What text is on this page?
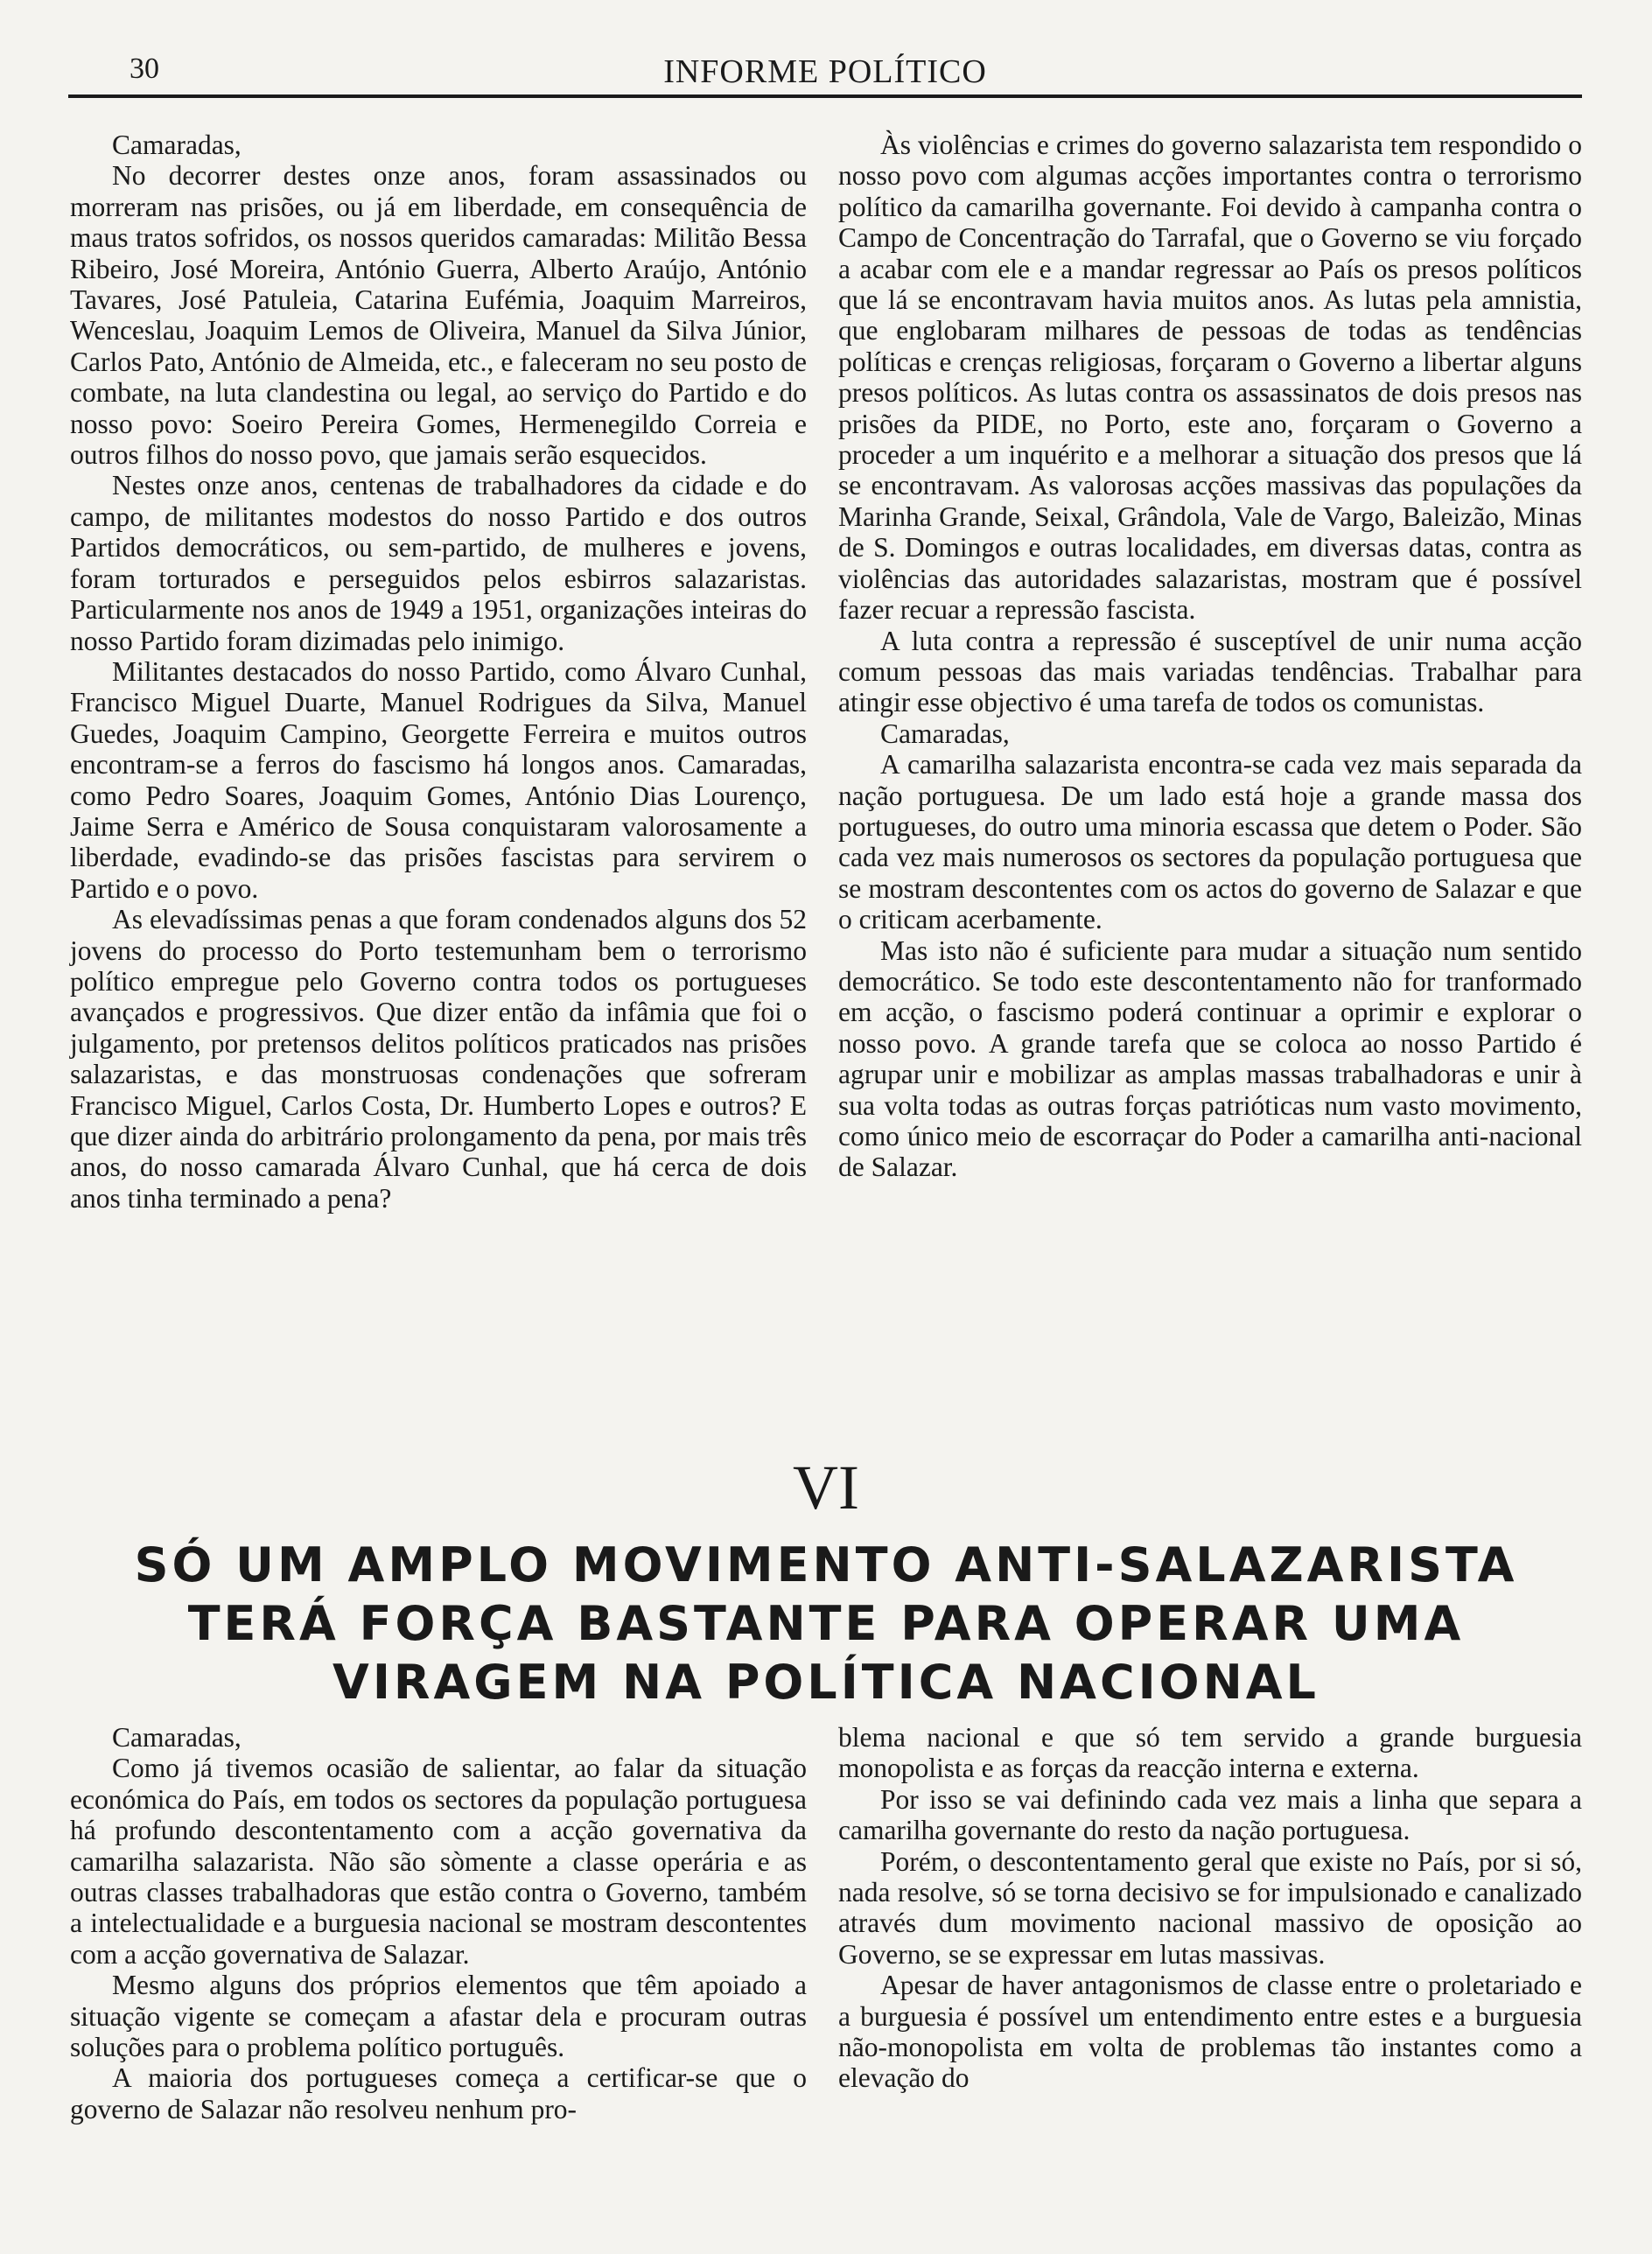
30	INFORME POLÍTICO

Camaradas,

No decorrer destes onze anos, foram assassinados ou morreram nas prisões, ou já em liberdade, em consequência de maus tratos sofridos, os nossos queridos camaradas: Militão Bessa Ribeiro, José Moreira, António Guerra, Alberto Araújo, António Tavares, José Patuleia, Catarina Eufémia, Joaquim Marreiros, Wenceslau, Joaquim Lemos de Oliveira, Manuel da Silva Júnior, Carlos Pato, António de Almeida, etc., e faleceram no seu posto de combate, na luta clandestina ou legal, ao serviço do Partido e do nosso povo: Soeiro Pereira Gomes, Hermenegildo Correia e outros filhos do nosso povo, que jamais serão esquecidos.

Nestes onze anos, centenas de trabalhadores da cidade e do campo, de militantes modestos do nosso Partido e dos outros Partidos democráticos, ou sem-partido, de mulheres e jovens, foram torturados e perseguidos pelos esbirros salazaristas. Particularmente nos anos de 1949 a 1951, organizações inteiras do nosso Partido foram dizimadas pelo inimigo.

Militantes destacados do nosso Partido, como Álvaro Cunhal, Francisco Miguel Duarte, Manuel Rodrigues da Silva, Manuel Guedes, Joaquim Campino, Georgette Ferreira e muitos outros encontram-se a ferros do fascismo há longos anos. Camaradas, como Pedro Soares, Joaquim Gomes, António Dias Lourenço, Jaime Serra e Américo de Sousa conquistaram valorosamente a liberdade, evadindo-se das prisões fascistas para servirem o Partido e o povo.

As elevadíssimas penas a que foram condenados alguns dos 52 jovens do processo do Porto testemunham bem o terrorismo político empregue pelo Governo contra todos os portugueses avançados e progressivos. Que dizer então da infâmia que foi o julgamento, por pretensos delitos políticos praticados nas prisões salazaristas, e das monstruosas condenações que sofreram Francisco Miguel, Carlos Costa, Dr. Humberto Lopes e outros? E que dizer ainda do arbitrário prolongamento da pena, por mais três anos, do nosso camarada Álvaro Cunhal, que há cerca de dois anos tinha terminado a pena?

Às violências e crimes do governo salazarista tem respondido o nosso povo com algumas acções importantes contra o terrorismo político da camarilha governante. Foi devido à campanha contra o Campo de Concentração do Tarrafal, que o Governo se viu forçado a acabar com ele e a mandar regressar ao País os presos políticos que lá se encontravam havia muitos anos. As lutas pela amnistia, que englobaram milhares de pessoas de todas as tendências políticas e crenças religiosas, forçaram o Governo a libertar alguns presos políticos. As lutas contra os assassinatos de dois presos nas prisões da PIDE, no Porto, este ano, forçaram o Governo a proceder a um inquérito e a melhorar a situação dos presos que lá se encontravam. As valorosas acções massivas das populações da Marinha Grande, Seixal, Grândola, Vale de Vargo, Baleizão, Minas de S. Domingos e outras localidades, em diversas datas, contra as violências das autoridades salazaristas, mostram que é possível fazer recuar a repressão fascista.

A luta contra a repressão é susceptível de unir numa acção comum pessoas das mais variadas tendências. Trabalhar para atingir esse objectivo é uma tarefa de todos os comunistas.

Camaradas,

A camarilha salazarista encontra-se cada vez mais separada da nação portuguesa. De um lado está hoje a grande massa dos portugueses, do outro uma minoria escassa que detem o Poder. São cada vez mais numerosos os sectores da população portuguesa que se mostram descontentes com os actos do governo de Salazar e que o criticam acerbamente.

Mas isto não é suficiente para mudar a situação num sentido democrático. Se todo este descontentamento não for tranformado em acção, o fascismo poderá continuar a oprimir e explorar o nosso povo. A grande tarefa que se coloca ao nosso Partido é agrupar unir e mobilizar as amplas massas trabalhadoras e unir à sua volta todas as outras forças patrióticas num vasto movimento, como único meio de escorraçar do Poder a camarilha anti-nacional de Salazar.

VI
SÓ UM AMPLO MOVIMENTO ANTI-SALAZARISTA
TERÁ FORÇA BASTANTE PARA OPERAR UMA
VIRAGEM NA POLÍTICA NACIONAL

Camaradas,

Como já tivemos ocasião de salientar, ao falar da situação económica do País, em todos os sectores da população portuguesa há profundo descontentamento com a acção governativa da camarilha salazarista. Não são sòmente a classe operária e as outras classes trabalhadoras que estão contra o Governo, também a intelectualidade e a burguesia nacional se mostram descontentes com a acção governativa de Salazar.

Mesmo alguns dos próprios elementos que têm apoiado a situação vigente se começam a afastar dela e procuram outras soluções para o problema político português.

A maioria dos portugueses começa a certificar-se que o governo de Salazar não resolveu nenhum pro-

blema nacional e que só tem servido a grande burguesia monopolista e as forças da reacção interna e externa.

Por isso se vai definindo cada vez mais a linha que separa a camarilha governante do resto da nação portuguesa.

Porém, o descontentamento geral que existe no País, por si só, nada resolve, só se torna decisivo se for impulsionado e canalizado através dum movimento nacional massivo de oposição ao Governo, se se expressar em lutas massivas.

Apesar de haver antagonismos de classe entre o proletariado e a burguesia é possível um entendimento entre estes e a burguesia não-monopolista em volta de problemas tão instantes como a elevação do
